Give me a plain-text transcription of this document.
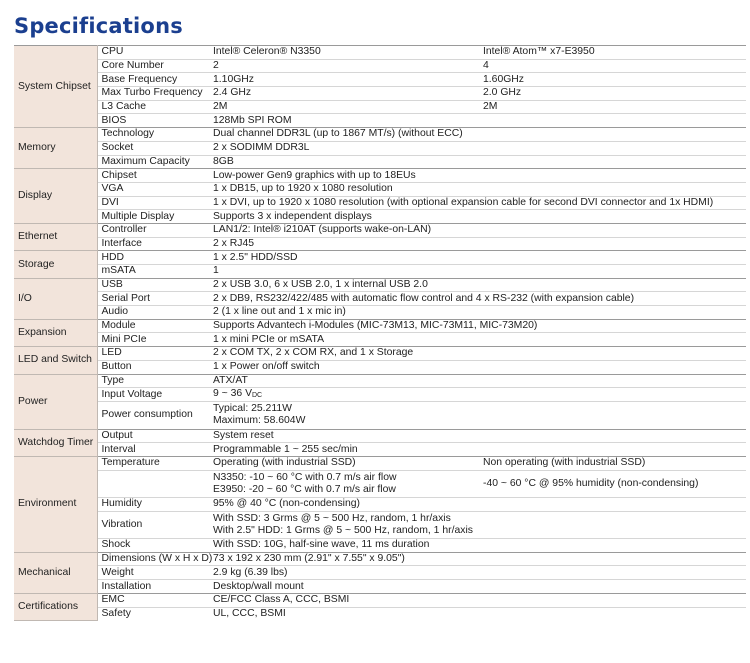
Specifications
System Chipset	CPU	Intel® Celeron® N3350	Intel® Atom™ x7-E3950
	Core Number	2	4
	Base Frequency	1.10GHz	1.60GHz
	Max Turbo Frequency	2.4 GHz	2.0 GHz
	L3 Cache	2M	2M
	BIOS	128Mb SPI ROM	
Memory	Technology	Dual channel DDR3L (up to 1867 MT/s) (without ECC)	
	Socket	2 x SODIMM DDR3L	
	Maximum Capacity	8GB	
Display	Chipset	Low-power Gen9 graphics with up to 18EUs	
	VGA	1 x DB15, up to 1920 x 1080 resolution	
	DVI	1 x DVI, up to 1920 x 1080 resolution (with optional expansion cable for second DVI connector and 1x HDMI)	
	Multiple Display	Supports 3 x independent displays	
Ethernet	Controller	LAN1/2: Intel® i210AT (supports wake-on-LAN)	
	Interface	2 x RJ45	
Storage	HDD	1 x 2.5" HDD/SSD	
	mSATA	1	
I/O	USB	2 x USB 3.0, 6 x USB 2.0, 1 x internal USB 2.0	
	Serial Port	2 x DB9, RS232/422/485 with automatic flow control and 4 x RS-232 (with expansion cable)	
	Audio	2 (1 x line out and 1 x mic in)	
Expansion	Module	Supports Advantech i-Modules (MIC-73M13, MIC-73M11, MIC-73M20)	
	Mini PCIe	1 x mini PCIe or mSATA	
LED and Switch	LED	2 x COM TX, 2 x COM RX, and 1 x Storage	
	Button	1 x Power on/off switch	
Power	Type	ATX/AT	
	Input Voltage	9 ~ 36 $V_{DC}$	
	Power consumption	Typical: 25.211W
Maximum: 58.604W	
Watchdog Timer	Output	System reset	
	Interval	Programmable 1 ~ 255 sec/min	
Environment	Temperature	Operating (with industrial SSD)	Non operating (with industrial SSD)
		N3350: -10 ~ 60 °C with 0.7 m/s air flow
E3950: -20 ~ 60 °C with 0.7 m/s air flow	-40 ~ 60 °C @ 95% humidity (non-condensing)
	Humidity	95% @ 40 °C (non-condensing)	
	Vibration	With SSD: 3 Grms @ 5 ~ 500 Hz, random, 1 hr/axis
With 2.5" HDD: 1 Grms @ 5 ~ 500 Hz, random, 1 hr/axis	
	Shock	With SSD: 10G, half-sine wave, 11 ms duration	
Mechanical	Dimensions (W x H x D)	73 x 192 x 230 mm (2.91" x 7.55" x 9.05")	
	Weight	2.9 kg (6.39 lbs)	
	Installation	Desktop/wall mount	
Certifications	EMC	CE/FCC Class A, CCC, BSMI	
	Safety	UL, CCC, BSMI	
